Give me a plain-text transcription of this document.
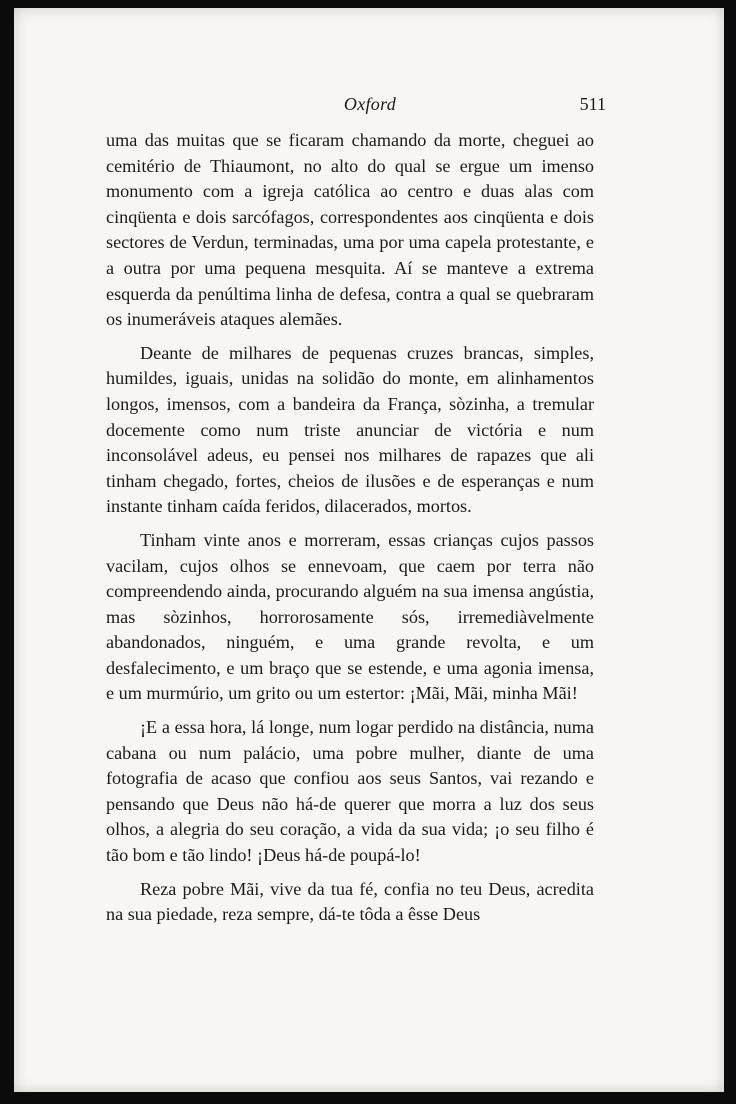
Oxford	511

uma das muitas que se ficaram chamando da morte, cheguei ao cemitério de Thiaumont, no alto do qual se ergue um imenso monumento com a igreja católica ao centro e duas alas com cinqüenta e dois sarcófagos, correspondentes aos cinqüenta e dois sectores de Verdun, terminadas, uma por uma capela protestante, e a outra por uma pequena mesquita. Aí se manteve a extrema esquerda da penúltima linha de defesa, contra a qual se quebraram os inumeráveis ataques alemães.

Deante de milhares de pequenas cruzes brancas, simples, humildes, iguais, unidas na solidão do monte, em alinhamentos longos, imensos, com a bandeira da França, sòzinha, a tremular docemente como num triste anunciar de victória e num inconsolável adeus, eu pensei nos milhares de rapazes que ali tinham chegado, fortes, cheios de ilusões e de esperanças e num instante tinham caída feridos, dilacerados, mortos.

Tinham vinte anos e morreram, essas crianças cujos passos vacilam, cujos olhos se ennevoam, que caem por terra não compreendendo ainda, procurando alguém na sua imensa angústia, mas sòzinhos, horrorosamente sós, irremediàvelmente abandonados, ninguém, e uma grande revolta, e um desfalecimento, e um braço que se estende, e uma agonia imensa, e um murmúrio, um grito ou um estertor: ¡Mãi, Mãi, minha Mãi!

¡E a essa hora, lá longe, num logar perdido na distância, numa cabana ou num palácio, uma pobre mulher, diante de uma fotografia de acaso que confiou aos seus Santos, vai rezando e pensando que Deus não há-de querer que morra a luz dos seus olhos, a alegria do seu coração, a vida da sua vida; ¡o seu filho é tão bom e tão lindo! ¡Deus há-de poupá-lo!

Reza pobre Mãi, vive da tua fé, confia no teu Deus, acredita na sua piedade, reza sempre, dá-te tôda a êsse Deus
